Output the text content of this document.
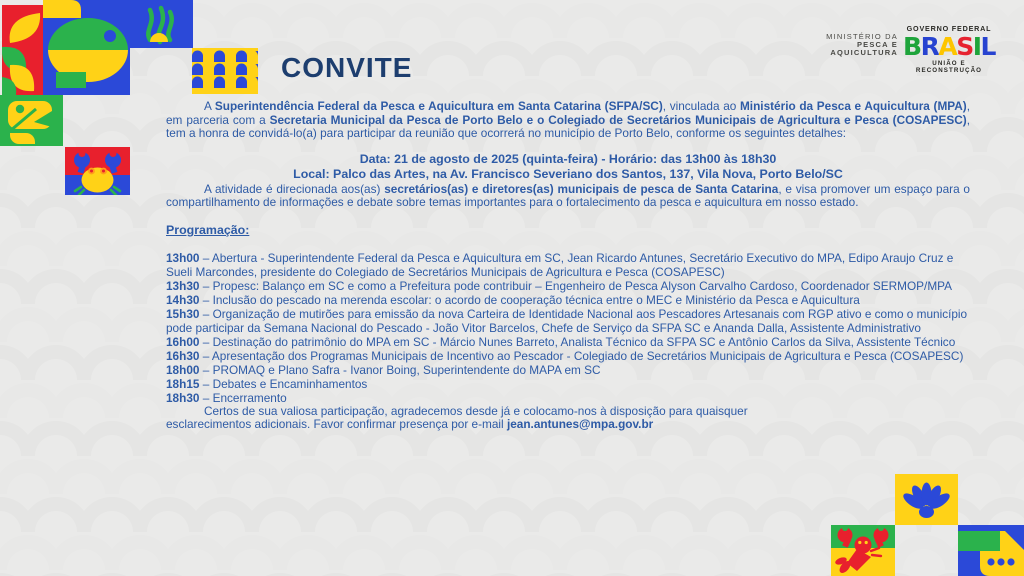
CONVITE
MINISTÉRIO DA
PESCA E
AQUICULTURA
GOVERNO FEDERAL
BRASIL
UNIÃO E RECONSTRUÇÃO

A Superintendência Federal da Pesca e Aquicultura em Santa Catarina (SFPA/SC), vinculada ao Ministério da Pesca e Aquicultura (MPA), em parceria com a Secretaria Municipal da Pesca de Porto Belo e o Colegiado de Secretários Municipais de Agricultura e Pesca (COSAPESC), tem a honra de convidá-lo(a) para participar da reunião que ocorrerá no município de Porto Belo, conforme os seguintes detalhes:

Data: 21 de agosto de 2025 (quinta-feira) - Horário: das 13h00 às 18h30
Local: Palco das Artes, na Av. Francisco Severiano dos Santos, 137, Vila Nova, Porto Belo/SC

A atividade é direcionada aos(as) secretários(as) e diretores(as) municipais de pesca de Santa Catarina, e visa promover um espaço para o compartilhamento de informações e debate sobre temas importantes para o fortalecimento da pesca e aquicultura em nosso estado.

Programação:

13h00 – Abertura - Superintendente Federal da Pesca e Aquicultura em SC, Jean Ricardo Antunes, Secretário Executivo do MPA, Edipo Araujo Cruz e Sueli Marcondes, presidente do Colegiado de Secretários Municipais de Agricultura e Pesca (COSAPESC)

13h30 – Propesc: Balanço em SC e como a Prefeitura pode contribuir – Engenheiro de Pesca Alyson Carvalho Cardoso, Coordenador SERMOP/MPA

14h30 – Inclusão do pescado na merenda escolar: o acordo de cooperação técnica entre o MEC e Ministério da Pesca e Aquicultura

15h30 – Organização de mutirões para emissão da nova Carteira de Identidade Nacional aos Pescadores Artesanais com RGP ativo e como o município pode participar da Semana Nacional do Pescado - João Vitor Barcelos, Chefe de Serviço da SFPA SC e Ananda Dalla, Assistente Administrativo

16h00 – Destinação do patrimônio do MPA em SC - Márcio Nunes Barreto, Analista Técnico da SFPA SC e Antônio Carlos da Silva, Assistente Técnico

16h30 – Apresentação dos Programas Municipais de Incentivo ao Pescador - Colegiado de Secretários Municipais de Agricultura e Pesca (COSAPESC)

18h00 – PROMAQ e Plano Safra - Ivanor Boing, Superintendente do MAPA em SC

18h15 – Debates e Encaminhamentos

18h30 – Encerramento

Certos de sua valiosa participação, agradecemos desde já e colocamo-nos à disposição para quaisquer esclarecimentos adicionais. Favor confirmar presença por e-mail jean.antunes@mpa.gov.br
